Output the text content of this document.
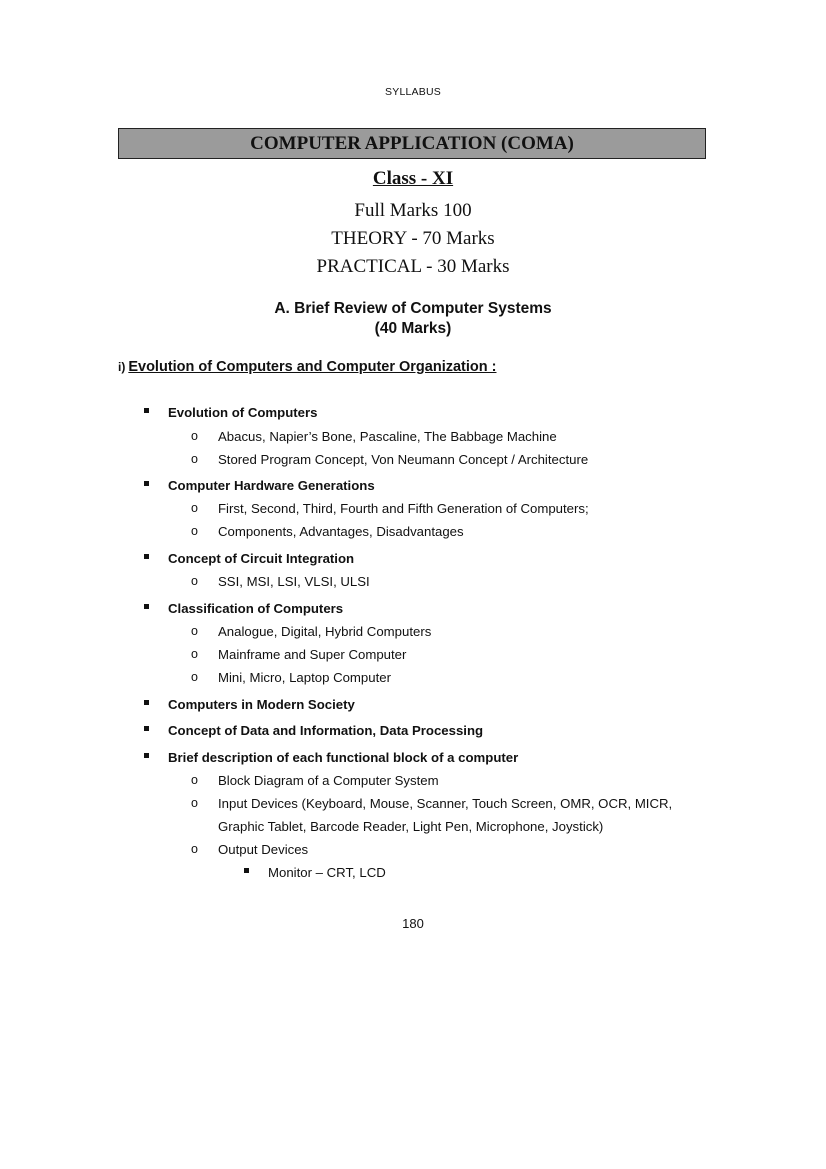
SYLLABUS
COMPUTER APPLICATION (COMA)
Class - XI
Full Marks 100
THEORY - 70 Marks
PRACTICAL - 30 Marks
A. Brief Review of Computer Systems
(40 Marks)
i) Evolution of Computers and Computer Organization :
Evolution of Computers
o Abacus, Napier’s Bone, Pascaline, The Babbage Machine
o Stored Program Concept, Von Neumann Concept / Architecture
Computer Hardware Generations
o First, Second, Third, Fourth and Fifth Generation of Computers;
o Components, Advantages, Disadvantages
Concept of Circuit Integration
o SSI, MSI, LSI, VLSI, ULSI
Classification of Computers
o Analogue, Digital, Hybrid Computers
o Mainframe and Super Computer
o Mini, Micro, Laptop Computer
Computers in Modern Society
Concept of Data and Information, Data Processing
Brief description of each functional block of a computer
o Block Diagram of a Computer System
o Input Devices (Keyboard, Mouse, Scanner, Touch Screen, OMR, OCR, MICR,
Graphic Tablet, Barcode Reader, Light Pen, Microphone, Joystick)
o Output Devices
Monitor – CRT, LCD
180
